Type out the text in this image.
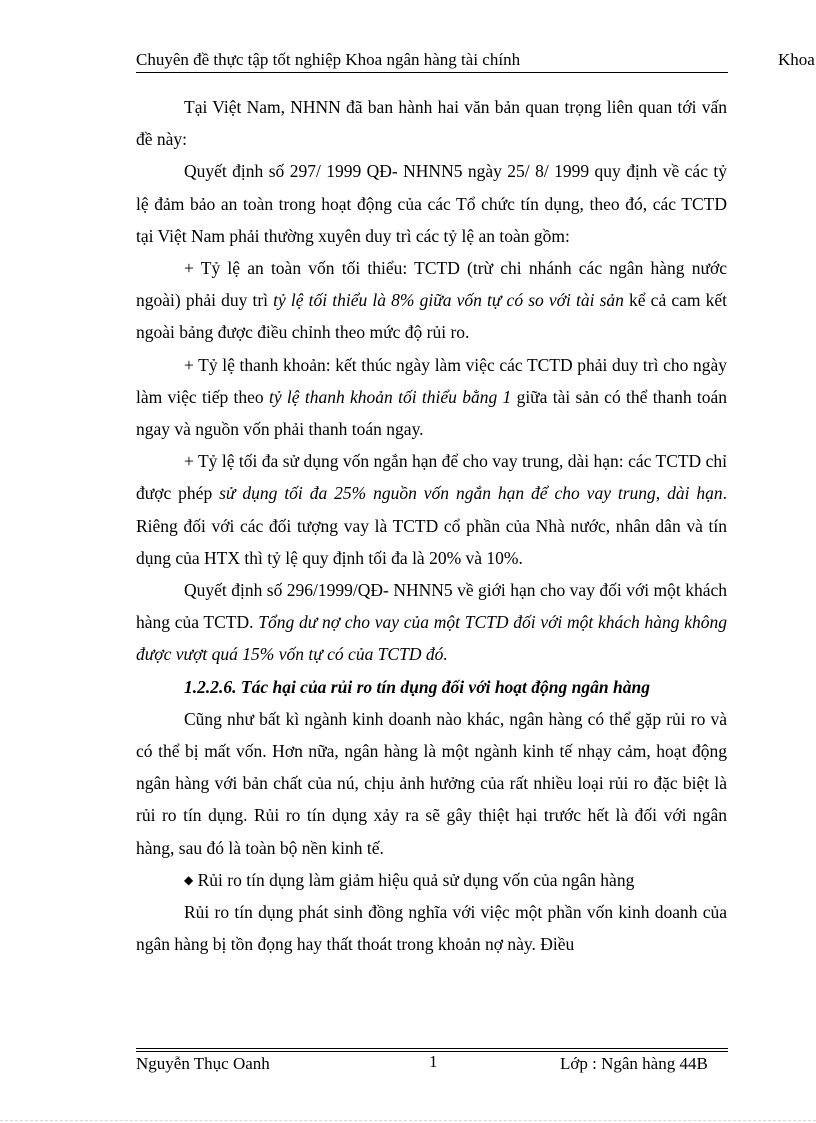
Chuyên đề thực tập tốt nghiệp Khoa ngân hàng tài chính	Khoa

Tại Việt Nam, NHNN đã ban hành hai văn bản quan trọng liên quan tới vấn đề này:

Quyết định số 297/ 1999 QĐ- NHNN5 ngày 25/ 8/ 1999 quy định về các tỷ lệ đảm bảo an toàn trong hoạt động của các Tổ chức tín dụng, theo đó, các TCTD tại Việt Nam phải thường xuyên duy trì các tỷ lệ an toàn gồm:

+ Tỷ lệ an toàn vốn tối thiểu: TCTD (trừ chi nhánh các ngân hàng nước ngoài) phải duy trì tỷ lệ tối thiểu là 8% giữa vốn tự có so với tài sản kể cả cam kết ngoài bảng được điều chỉnh theo mức độ rủi ro.

+ Tỷ lệ thanh khoản: kết thúc ngày làm việc các TCTD phải duy trì cho ngày làm việc tiếp theo tỷ lệ thanh khoản tối thiểu bằng 1 giữa tài sản có thể thanh toán ngay và nguồn vốn phải thanh toán ngay.

+ Tỷ lệ tối đa sử dụng vốn ngắn hạn để cho vay trung, dài hạn: các TCTD chỉ được phép sử dụng tối đa 25% nguồn vốn ngắn hạn để cho vay trung, dài hạn. Riêng đối với các đối tượng vay là TCTD cổ phần của Nhà nước, nhân dân và tín dụng của HTX thì tỷ lệ quy định tối đa là 20% và 10%.

Quyết định số 296/1999/QĐ- NHNN5 về giới hạn cho vay đối với một khách hàng của TCTD. Tổng dư nợ cho vay của một TCTD đối với một khách hàng không được vượt quá 15% vốn tự có của TCTD đó.

1.2.2.6. Tác hại của rủi ro tín dụng đối với hoạt động ngân hàng

Cũng như bất kì ngành kinh doanh nào khác, ngân hàng có thể gặp rủi ro và có thể bị mất vốn. Hơn nữa, ngân hàng là một ngành kinh tế nhạy cảm, hoạt động ngân hàng với bản chất của nú, chịu ảnh hưởng của rất nhiều loại rủi ro đặc biệt là rủi ro tín dụng. Rủi ro tín dụng xảy ra sẽ gây thiệt hại trước hết là đối với ngân hàng, sau đó là toàn bộ nền kinh tế.

◆ Rủi ro tín dụng làm giảm hiệu quả sử dụng vốn của ngân hàng

Rủi ro tín dụng phát sinh đồng nghĩa với việc một phần vốn kinh doanh của ngân hàng bị tồn đọng hay thất thoát trong khoản nợ này. Điều

Nguyễn Thục Oanh	1	Lớp : Ngân hàng 44B
